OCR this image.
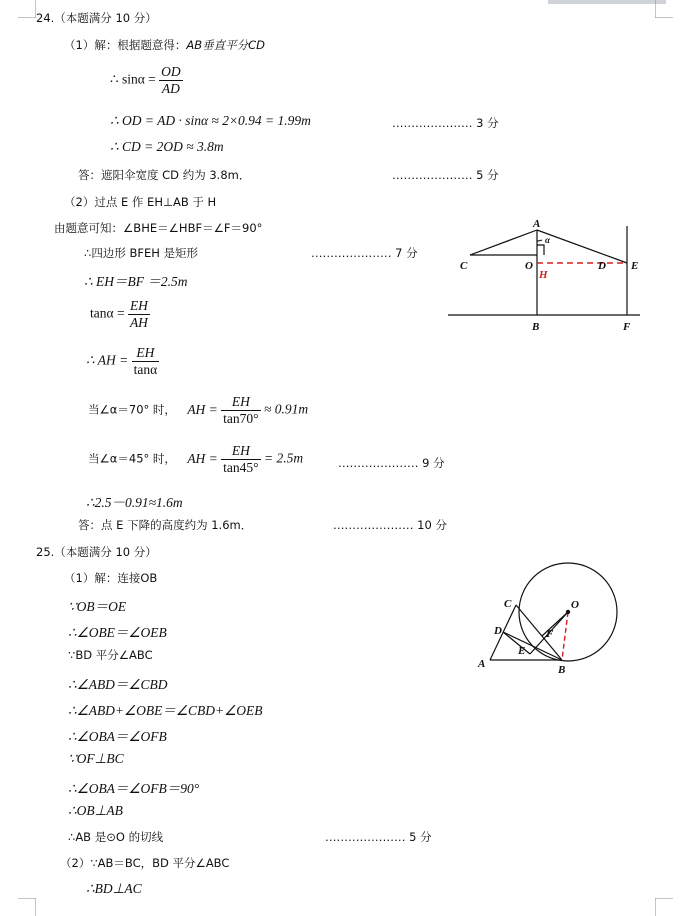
24.（本题满分 10 分）
（1）解：根据题意得：AB垂直平分CD
∴ $\sin\alpha = \frac{OD}{AD}$
∴ OD = AD · sinα ≈ 2×0.94 = 1.99m	………………… 3 分
∴ CD = 2OD ≈ 3.8m
答：遮阳伞宽度 CD 约为 3.8m．	………………… 5 分
（2）过点 E 作 EH⊥AB 于 H
由题意可知：∠BHE＝∠HBF＝∠F＝90°
∴四边形 BFEH 是矩形	………………… 7 分
∴ EH＝BF ＝2.5m
$\tan\alpha = \frac{EH}{AH}$
∴ AH = $\frac{EH}{\tan\alpha}$
当∠α＝70° 时， AH = $\frac{EH}{\tan 70^\circ} \approx 0.91m$
当∠α＝45° 时， AH = $\frac{EH}{\tan 45^\circ} = 2.5m$	………………… 9 分
∴2.5－0.91≈1.6m
答：点 E 下降的高度约为 1.6m．	………………… 10 分
A
α
C	O	D E
H
B	F
25.（本题满分 10 分）
（1）解：连接OB
∵OB＝OE
∴∠OBE＝∠OEB
∵BD 平分∠ABC
∴∠ABD＝∠CBD
∴∠ABD+∠OBE＝∠CBD+∠OEB
∴∠OBA＝∠OFB
∵OF⊥BC
∴∠OBA＝∠OFB＝90°
∴OB⊥AB
∴AB 是⊙O 的切线	………………… 5 分
（2）∵AB＝BC，BD 平分∠ABC
∴BD⊥AC
C	O
D	F
E
A	B
